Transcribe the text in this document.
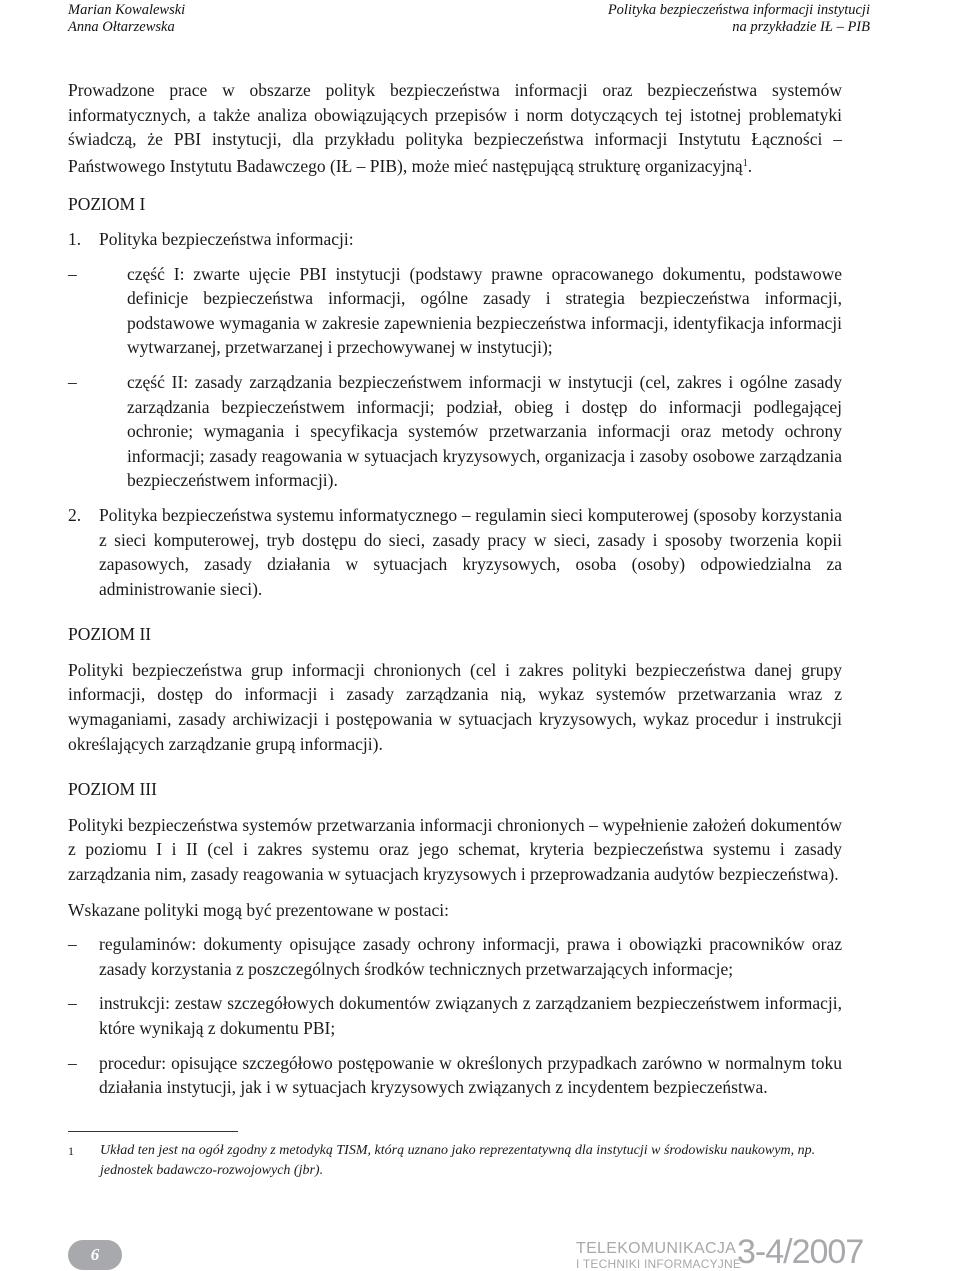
Marian Kowalewski
Anna Ołtarzewska
Polityka bezpieczeństwa informacji instytucji
na przykładzie IŁ – PIB

Prowadzone prace w obszarze polityk bezpieczeństwa informacji oraz bezpieczeństwa systemów informatycznych, a także analiza obowiązujących przepisów i norm dotyczących tej istotnej problematyki świadczą, że PBI instytucji, dla przykładu polityka bezpieczeństwa informacji Instytutu Łączności – Państwowego Instytutu Badawczego (IŁ – PIB), może mieć następującą strukturę organizacyjną$^1$.

POZIOM I
1.	Polityka bezpieczeństwa informacji:
–	część I: zwarte ujęcie PBI instytucji (podstawy prawne opracowanego dokumentu, podstawowe definicje bezpieczeństwa informacji, ogólne zasady i strategia bezpieczeństwa informacji, podstawowe wymagania w zakresie zapewnienia bezpieczeństwa informacji, identyfikacja informacji wytwarzanej, przetwarzanej i przechowywanej w instytucji);
–	część II: zasady zarządzania bezpieczeństwem informacji w instytucji (cel, zakres i ogólne zasady zarządzania bezpieczeństwem informacji; podział, obieg i dostęp do informacji podlegającej ochronie; wymagania i specyfikacja systemów przetwarzania informacji oraz metody ochrony informacji; zasady reagowania w sytuacjach kryzysowych, organizacja i zasoby osobowe zarządzania bezpieczeństwem informacji).
2.	Polityka bezpieczeństwa systemu informatycznego – regulamin sieci komputerowej (sposoby korzystania z sieci komputerowej, tryb dostępu do sieci, zasady pracy w sieci, zasady i sposoby tworzenia kopii zapasowych, zasady działania w sytuacjach kryzysowych, osoba (osoby) odpowiedzialna za administrowanie sieci).
POZIOM II

Polityki bezpieczeństwa grup informacji chronionych (cel i zakres polityki bezpieczeństwa danej grupy informacji, dostęp do informacji i zasady zarządzania nią, wykaz systemów przetwarzania wraz z wymaganiami, zasady archiwizacji i postępowania w sytuacjach kryzysowych, wykaz procedur i instrukcji określających zarządzanie grupą informacji).

POZIOM III

Polityki bezpieczeństwa systemów przetwarzania informacji chronionych – wypełnienie założeń dokumentów z poziomu I i II (cel i zakres systemu oraz jego schemat, kryteria bezpieczeństwa systemu i zasady zarządzania nim, zasady reagowania w sytuacjach kryzysowych i przeprowadzania audytów bezpieczeństwa).

Wskazane polityki mogą być prezentowane w postaci:

–	regulaminów: dokumenty opisujące zasady ochrony informacji, prawa i obowiązki pracowników oraz zasady korzystania z poszczególnych środków technicznych przetwarzających informacje;
–	instrukcji: zestaw szczegółowych dokumentów związanych z zarządzaniem bezpieczeństwem informacji, które wynikają z dokumentu PBI;
–	procedur: opisujące szczegółowo postępowanie w określonych przypadkach zarówno w normalnym toku działania instytucji, jak i w sytuacjach kryzysowych związanych z incydentem bezpieczeństwa.
1	Układ ten jest na ogół zgodny z metodyką TISM, którą uznano jako reprezentatywną dla instytucji w środowisku naukowym, np. jednostek badawczo-rozwojowych (jbr).
6	TELEKOMUNIKACJA
I TECHNIKI INFORMACYJNE
3-4/2007
